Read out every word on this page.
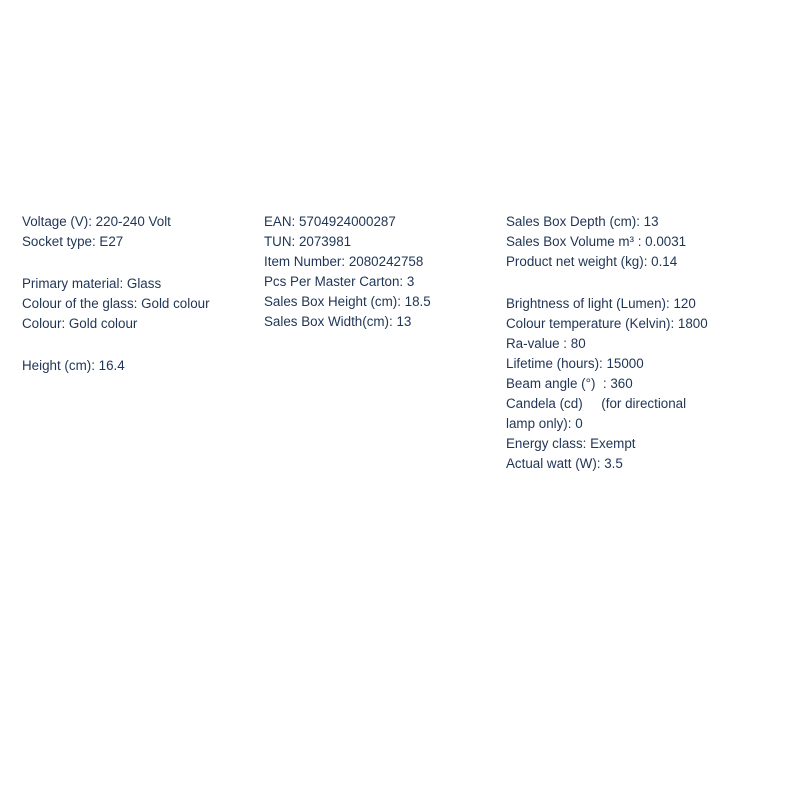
Voltage (V): 220-240 Volt
Socket type: E27
Primary material: Glass
Colour of the glass: Gold colour
Colour: Gold colour
Height (cm): 16.4
EAN: 5704924000287
TUN: 2073981
Item Number: 2080242758
Pcs Per Master Carton: 3
Sales Box Height (cm): 18.5
Sales Box Width(cm): 13
Sales Box Depth (cm): 13
Sales Box Volume m³ : 0.0031
Product net weight (kg): 0.14
Brightness of light (Lumen): 120
Colour temperature (Kelvin): 1800
Ra-value : 80
Lifetime (hours): 15000
Beam angle (°)  : 360
Candela (cd)     (for directional
lamp only): 0
Energy class: Exempt
Actual watt (W): 3.5
